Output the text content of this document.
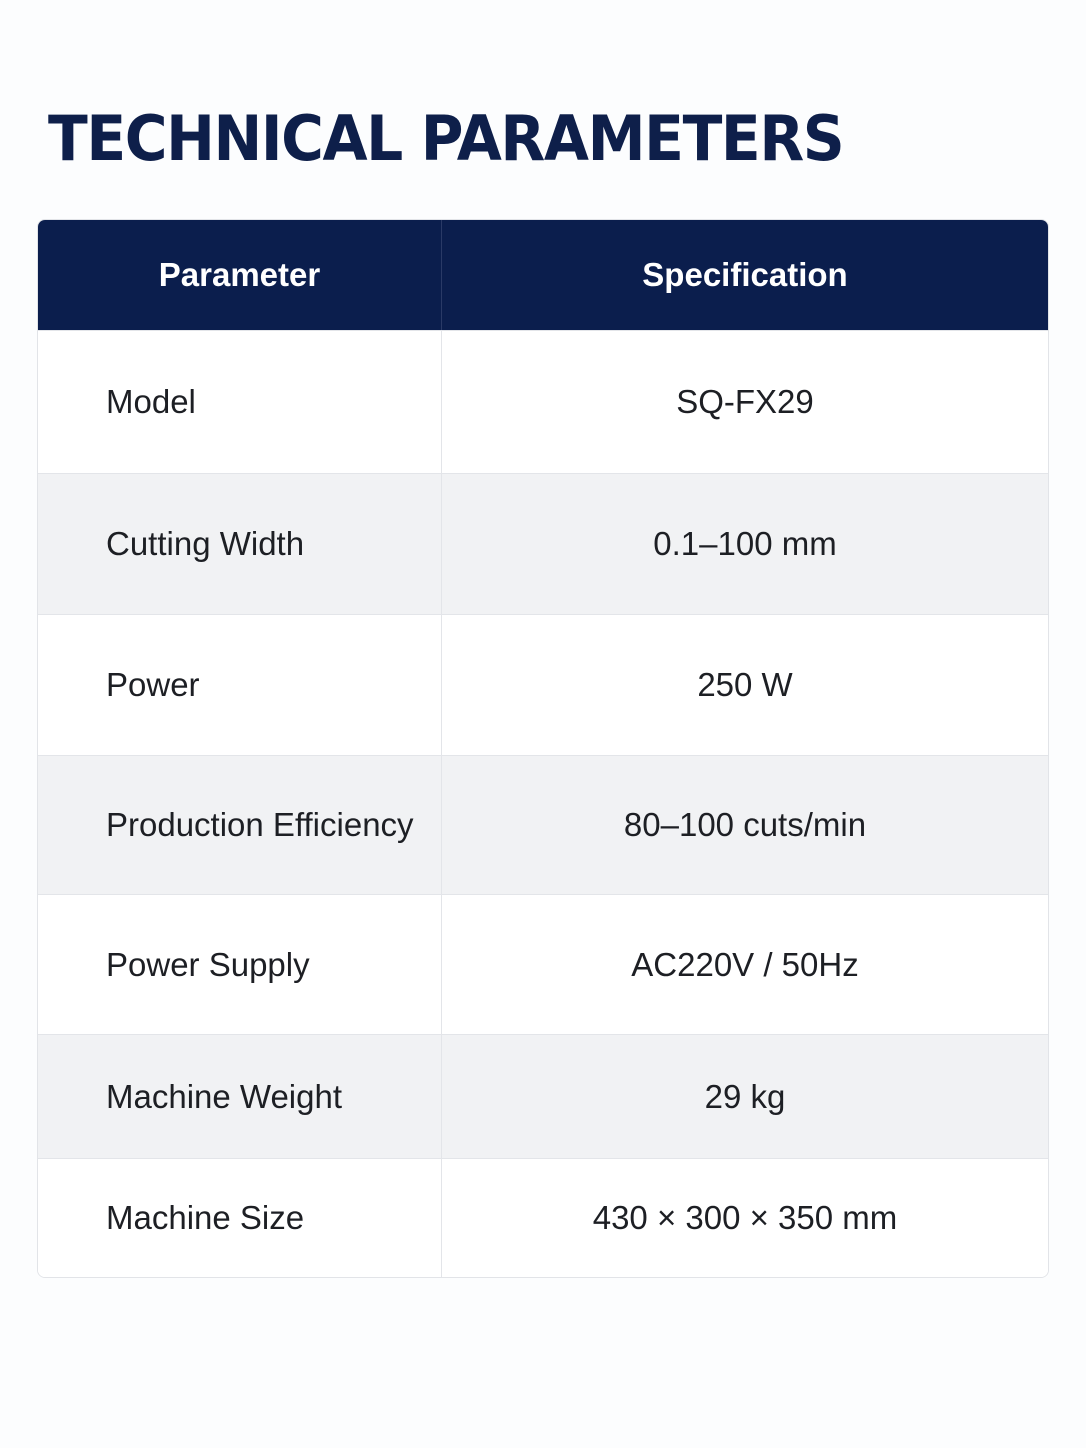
TECHNICAL PARAMETERS
Parameter	Specification
Model	SQ-FX29
Cutting Width	0.1–100 mm
Power	250 W
Production Efficiency	80–100 cuts/min
Power Supply	AC220V / 50Hz
Machine Weight	29 kg
Machine Size	430 × 300 × 350 mm
